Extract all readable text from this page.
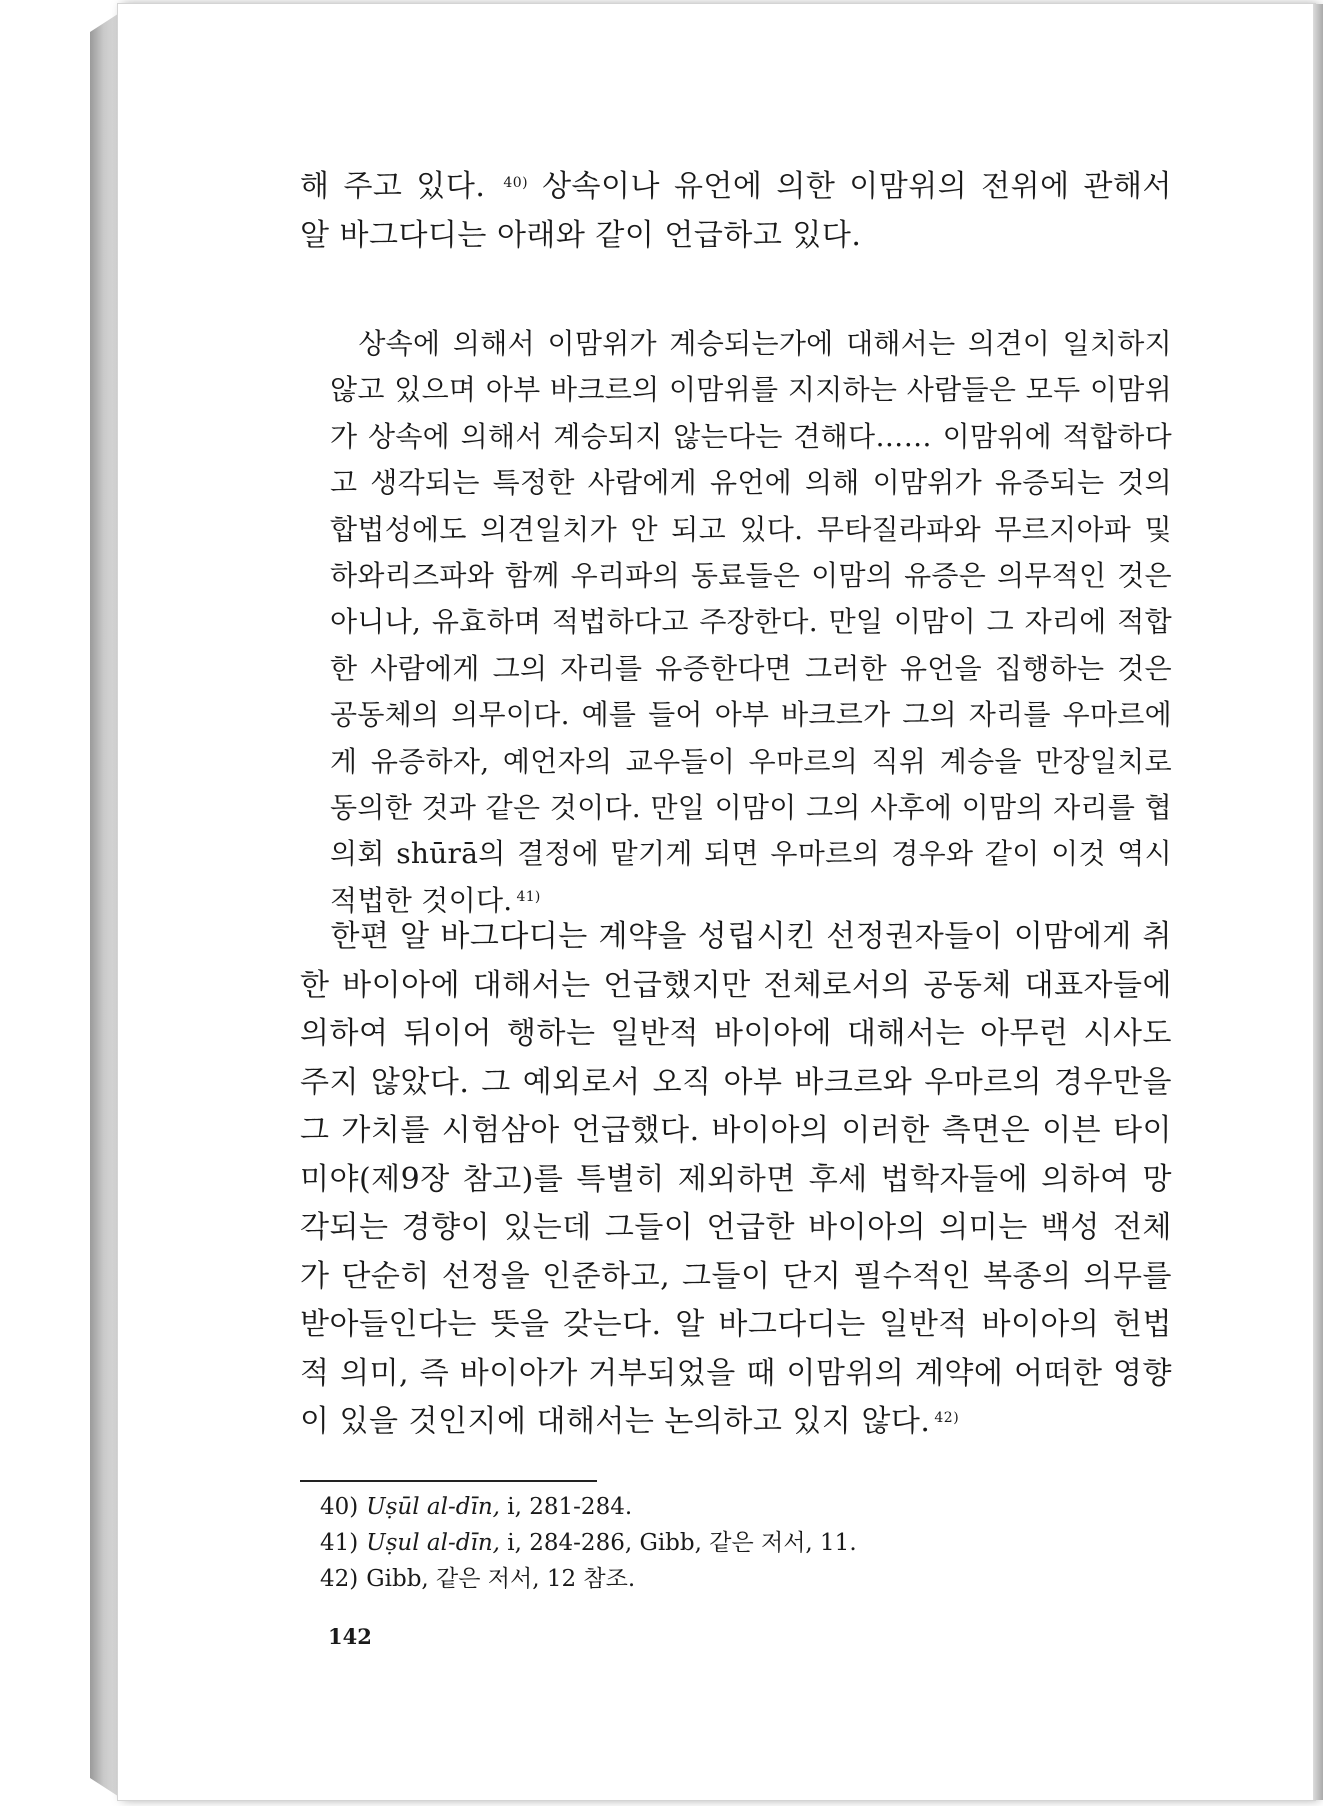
해 주고 있다. $^{40)}$ 상속이나 유언에 의한 이맘위의 전위에 관해서 알 바그다디는 아래와 같이 언급하고 있다.

 상속에 의해서 이맘위가 계승되는가에 대해서는 의견이 일치하지 않고 있으며 아부 바크르의 이맘위를 지지하는 사람들은 모두 이맘위가 상속에 의해서 계승되지 않는다는 견해다…… 이맘위에 적합하다고 생각되는 특정한 사람에게 유언에 의해 이맘위가 유증되는 것의 합법성에도 의견일치가 안 되고 있다. 무타질라파와 무르지아파 및 하와리즈파와 함께 우리파의 동료들은 이맘의 유증은 의무적인 것은 아니나, 유효하며 적법하다고 주장한다. 만일 이맘이 그 자리에 적합한 사람에게 그의 자리를 유증한다면 그러한 유언을 집행하는 것은 공동체의 의무이다. 예를 들어 아부 바크르가 그의 자리를 우마르에게 유증하자, 예언자의 교우들이 우마르의 직위 계승을 만장일치로 동의한 것과 같은 것이다. 만일 이맘이 그의 사후에 이맘의 자리를 협의회 shūrā의 결정에 맡기게 되면 우마르의 경우와 같이 이것 역시 적법한 것이다. $^{41)}$

 한편 알 바그다디는 계약을 성립시킨 선정권자들이 이맘에게 취한 바이아에 대해서는 언급했지만 전체로서의 공동체 대표자들에 의하여 뒤이어 행하는 일반적 바이아에 대해서는 아무런 시사도 주지 않았다. 그 예외로서 오직 아부 바크르와 우마르의 경우만을 그 가치를 시험삼아 언급했다. 바이아의 이러한 측면은 이븐 타이미야(제9장 참고)를 특별히 제외하면 후세 법학자들에 의하여 망각되는 경향이 있는데 그들이 언급한 바이아의 의미는 백성 전체가 단순히 선정을 인준하고, 그들이 단지 필수적인 복종의 의무를 받아들인다는 뜻을 갖는다. 알 바그다디는 일반적 바이아의 헌법적 의미, 즉 바이아가 거부되었을 때 이맘위의 계약에 어떠한 영향이 있을 것인지에 대해서는 논의하고 있지 않다. $^{42)}$

40) Uṣūl al-dīn, i, 281-284.
41) Uṣul al-dīn, i, 284-286, Gibb, 같은 저서, 11.
42) Gibb, 같은 저서, 12 참조.
142
